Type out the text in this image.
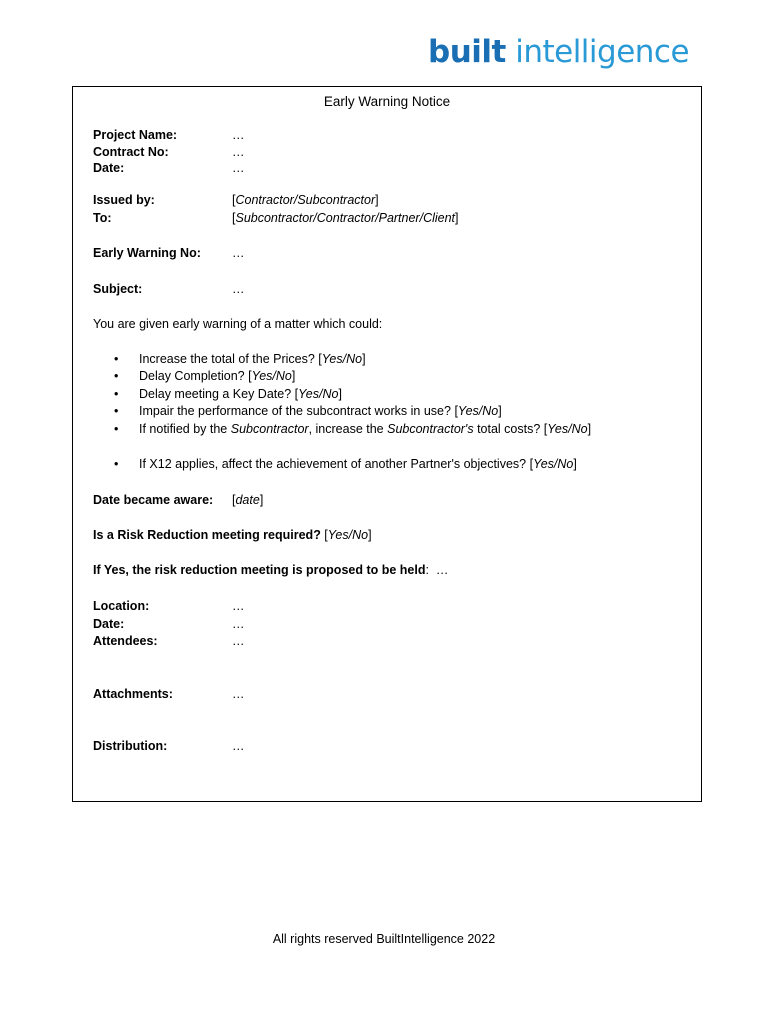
built intelligence
Early Warning Notice
Project Name:	…
Contract No:	…
Date:	…
Issued by:	[Contractor/Subcontractor]
To:	[Subcontractor/Contractor/Partner/Client]
Early Warning No: …
Subject:	…
You are given early warning of a matter which could:
• Increase the total of the Prices? [Yes/No]
• Delay Completion? [Yes/No]
• Delay meeting a Key Date? [Yes/No]
• Impair the performance of the subcontract works in use? [Yes/No]
• If notified by the Subcontractor, increase the Subcontractor's total costs? [Yes/No]
• If X12 applies, affect the achievement of another Partner's objectives? [Yes/No]
Date became aware: [date]
Is a Risk Reduction meeting required? [Yes/No]
If Yes, the risk reduction meeting is proposed to be held:  …
Location:	…
Date:	…
Attendees:	…
Attachments:	…
Distribution:	…
All rights reserved BuiltIntelligence 2022
